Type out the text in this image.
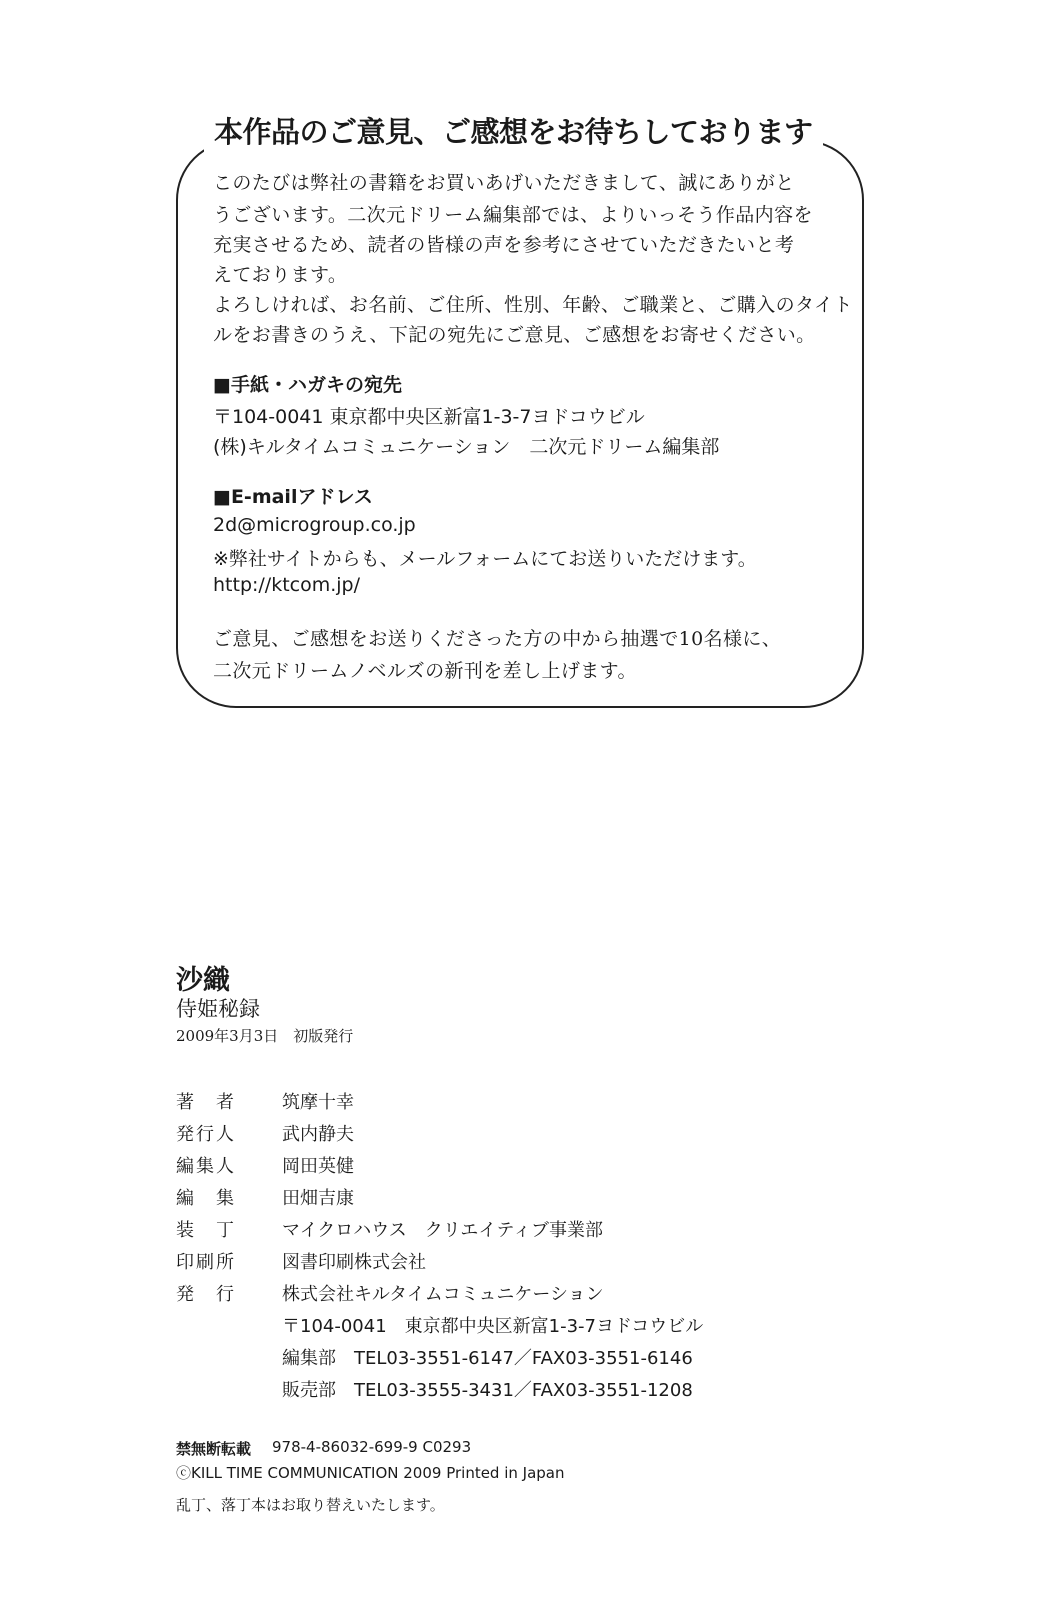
本作品のご意見、ご感想をお待ちしております
このたびは弊社の書籍をお買いあげいただきまして、誠にありがと
うございます。二次元ドリーム編集部では、よりいっそう作品内容を
充実させるため、読者の皆様の声を参考にさせていただきたいと考
えております。
よろしければ、お名前、ご住所、性別、年齢、ご職業と、ご購入のタイト
ルをお書きのうえ、下記の宛先にご意見、ご感想をお寄せください。
■手紙・ハガキの宛先
〒104-0041 東京都中央区新富1-3-7ヨドコウビル
(株)キルタイムコミュニケーション　二次元ドリーム編集部
■E-mailアドレス
2d@microgroup.co.jp
※弊社サイトからも、メールフォームにてお送りいただけます。
http://ktcom.jp/
ご意見、ご感想をお送りくださった方の中から抽選で10名様に、
二次元ドリームノベルズの新刊を差し上げます。
沙織
侍姫秘録
2009年3月3日　初版発行
著　者	筑摩十幸
発行人	武内静夫
編集人	岡田英健
編　集	田畑吉康
装　丁	マイクロハウス　クリエイティブ事業部
印刷所	図書印刷株式会社
発　行	株式会社キルタイムコミュニケーション
〒104-0041　東京都中央区新富1-3-7ヨドコウビル
編集部　TEL03-3551-6147／FAX03-3551-6146
販売部　TEL03-3555-3431／FAX03-3551-1208
禁無断転載 978-4-86032-699-9 C0293
ⓒKILL TIME COMMUNICATION 2009 Printed in Japan
乱丁、落丁本はお取り替えいたします。
